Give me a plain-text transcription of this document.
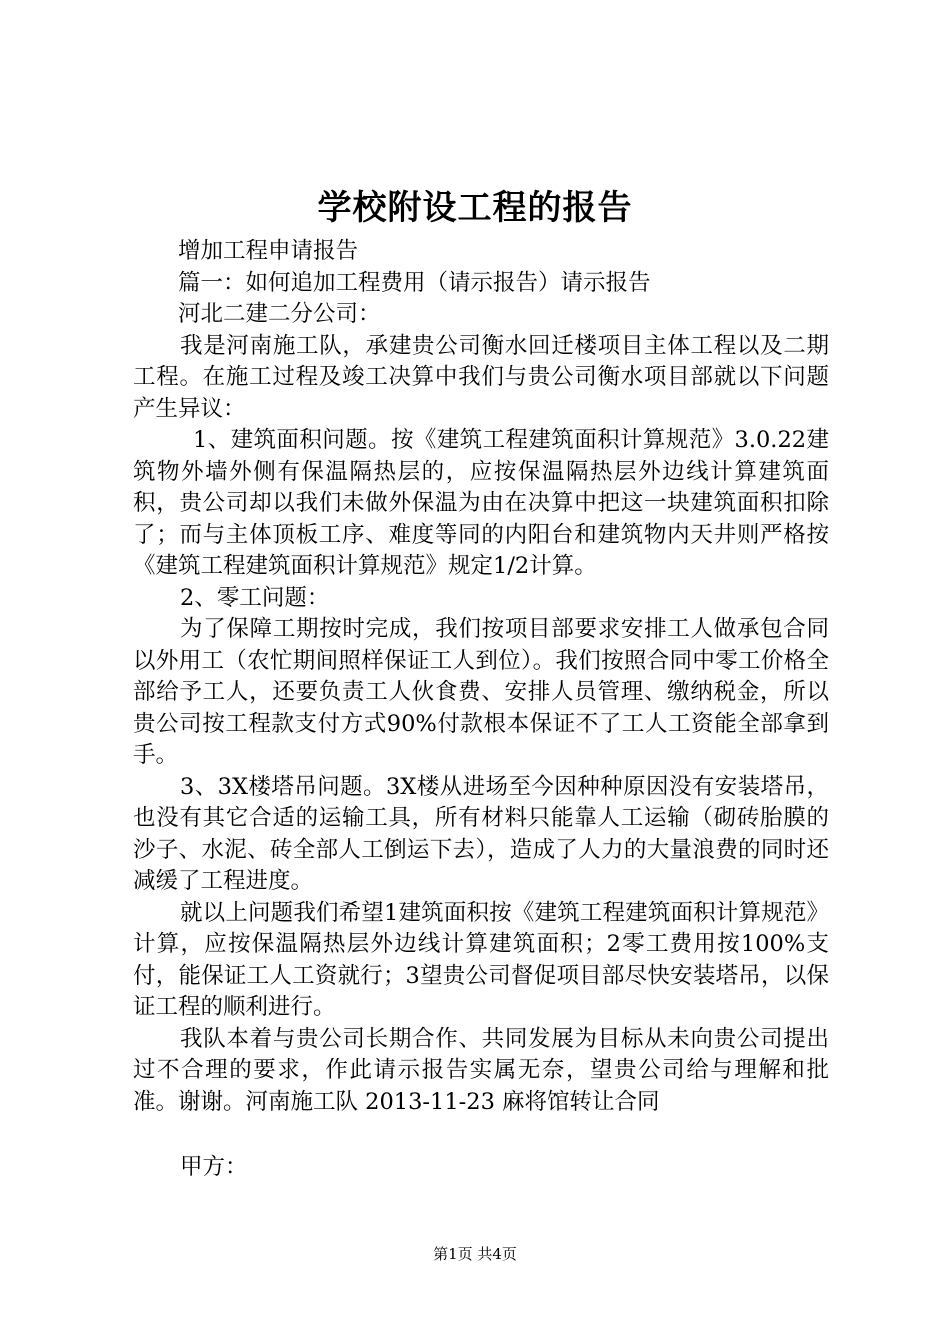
学校附设工程的报告

增加工程申请报告

篇一：如何追加工程费用（请示报告）请示报告

河北二建二分公司：

我是河南施工队，承建贵公司衡水回迁楼项目主体工程以及二期工程。在施工过程及竣工决算中我们与贵公司衡水项目部就以下问题产生异议：

1、建筑面积问题。按《建筑工程建筑面积计算规范》3.0.22建筑物外墙外侧有保温隔热层的，应按保温隔热层外边线计算建筑面积，贵公司却以我们未做外保温为由在决算中把这一块建筑面积扣除了；而与主体顶板工序、难度等同的内阳台和建筑物内天井则严格按《建筑工程建筑面积计算规范》规定1/2计算。

2、零工问题：

为了保障工期按时完成，我们按项目部要求安排工人做承包合同以外用工（农忙期间照样保证工人到位）。我们按照合同中零工价格全部给予工人，还要负责工人伙食费、安排人员管理、缴纳税金，所以贵公司按工程款支付方式90%付款根本保证不了工人工资能全部拿到手。

3、3X楼塔吊问题。3X楼从进场至今因种种原因没有安装塔吊，也没有其它合适的运输工具，所有材料只能靠人工运输（砌砖胎膜的沙子、水泥、砖全部人工倒运下去），造成了人力的大量浪费的同时还减缓了工程进度。

就以上问题我们希望1建筑面积按《建筑工程建筑面积计算规范》计算，应按保温隔热层外边线计算建筑面积；2零工费用按100%支付，能保证工人工资就行；3望贵公司督促项目部尽快安装塔吊，以保证工程的顺利进行。

我队本着与贵公司长期合作、共同发展为目标从未向贵公司提出过不合理的要求，作此请示报告实属无奈，望贵公司给与理解和批准。谢谢。河南施工队 2013-11-23 麻将馆转让合同

甲方：
第1页 共4页
